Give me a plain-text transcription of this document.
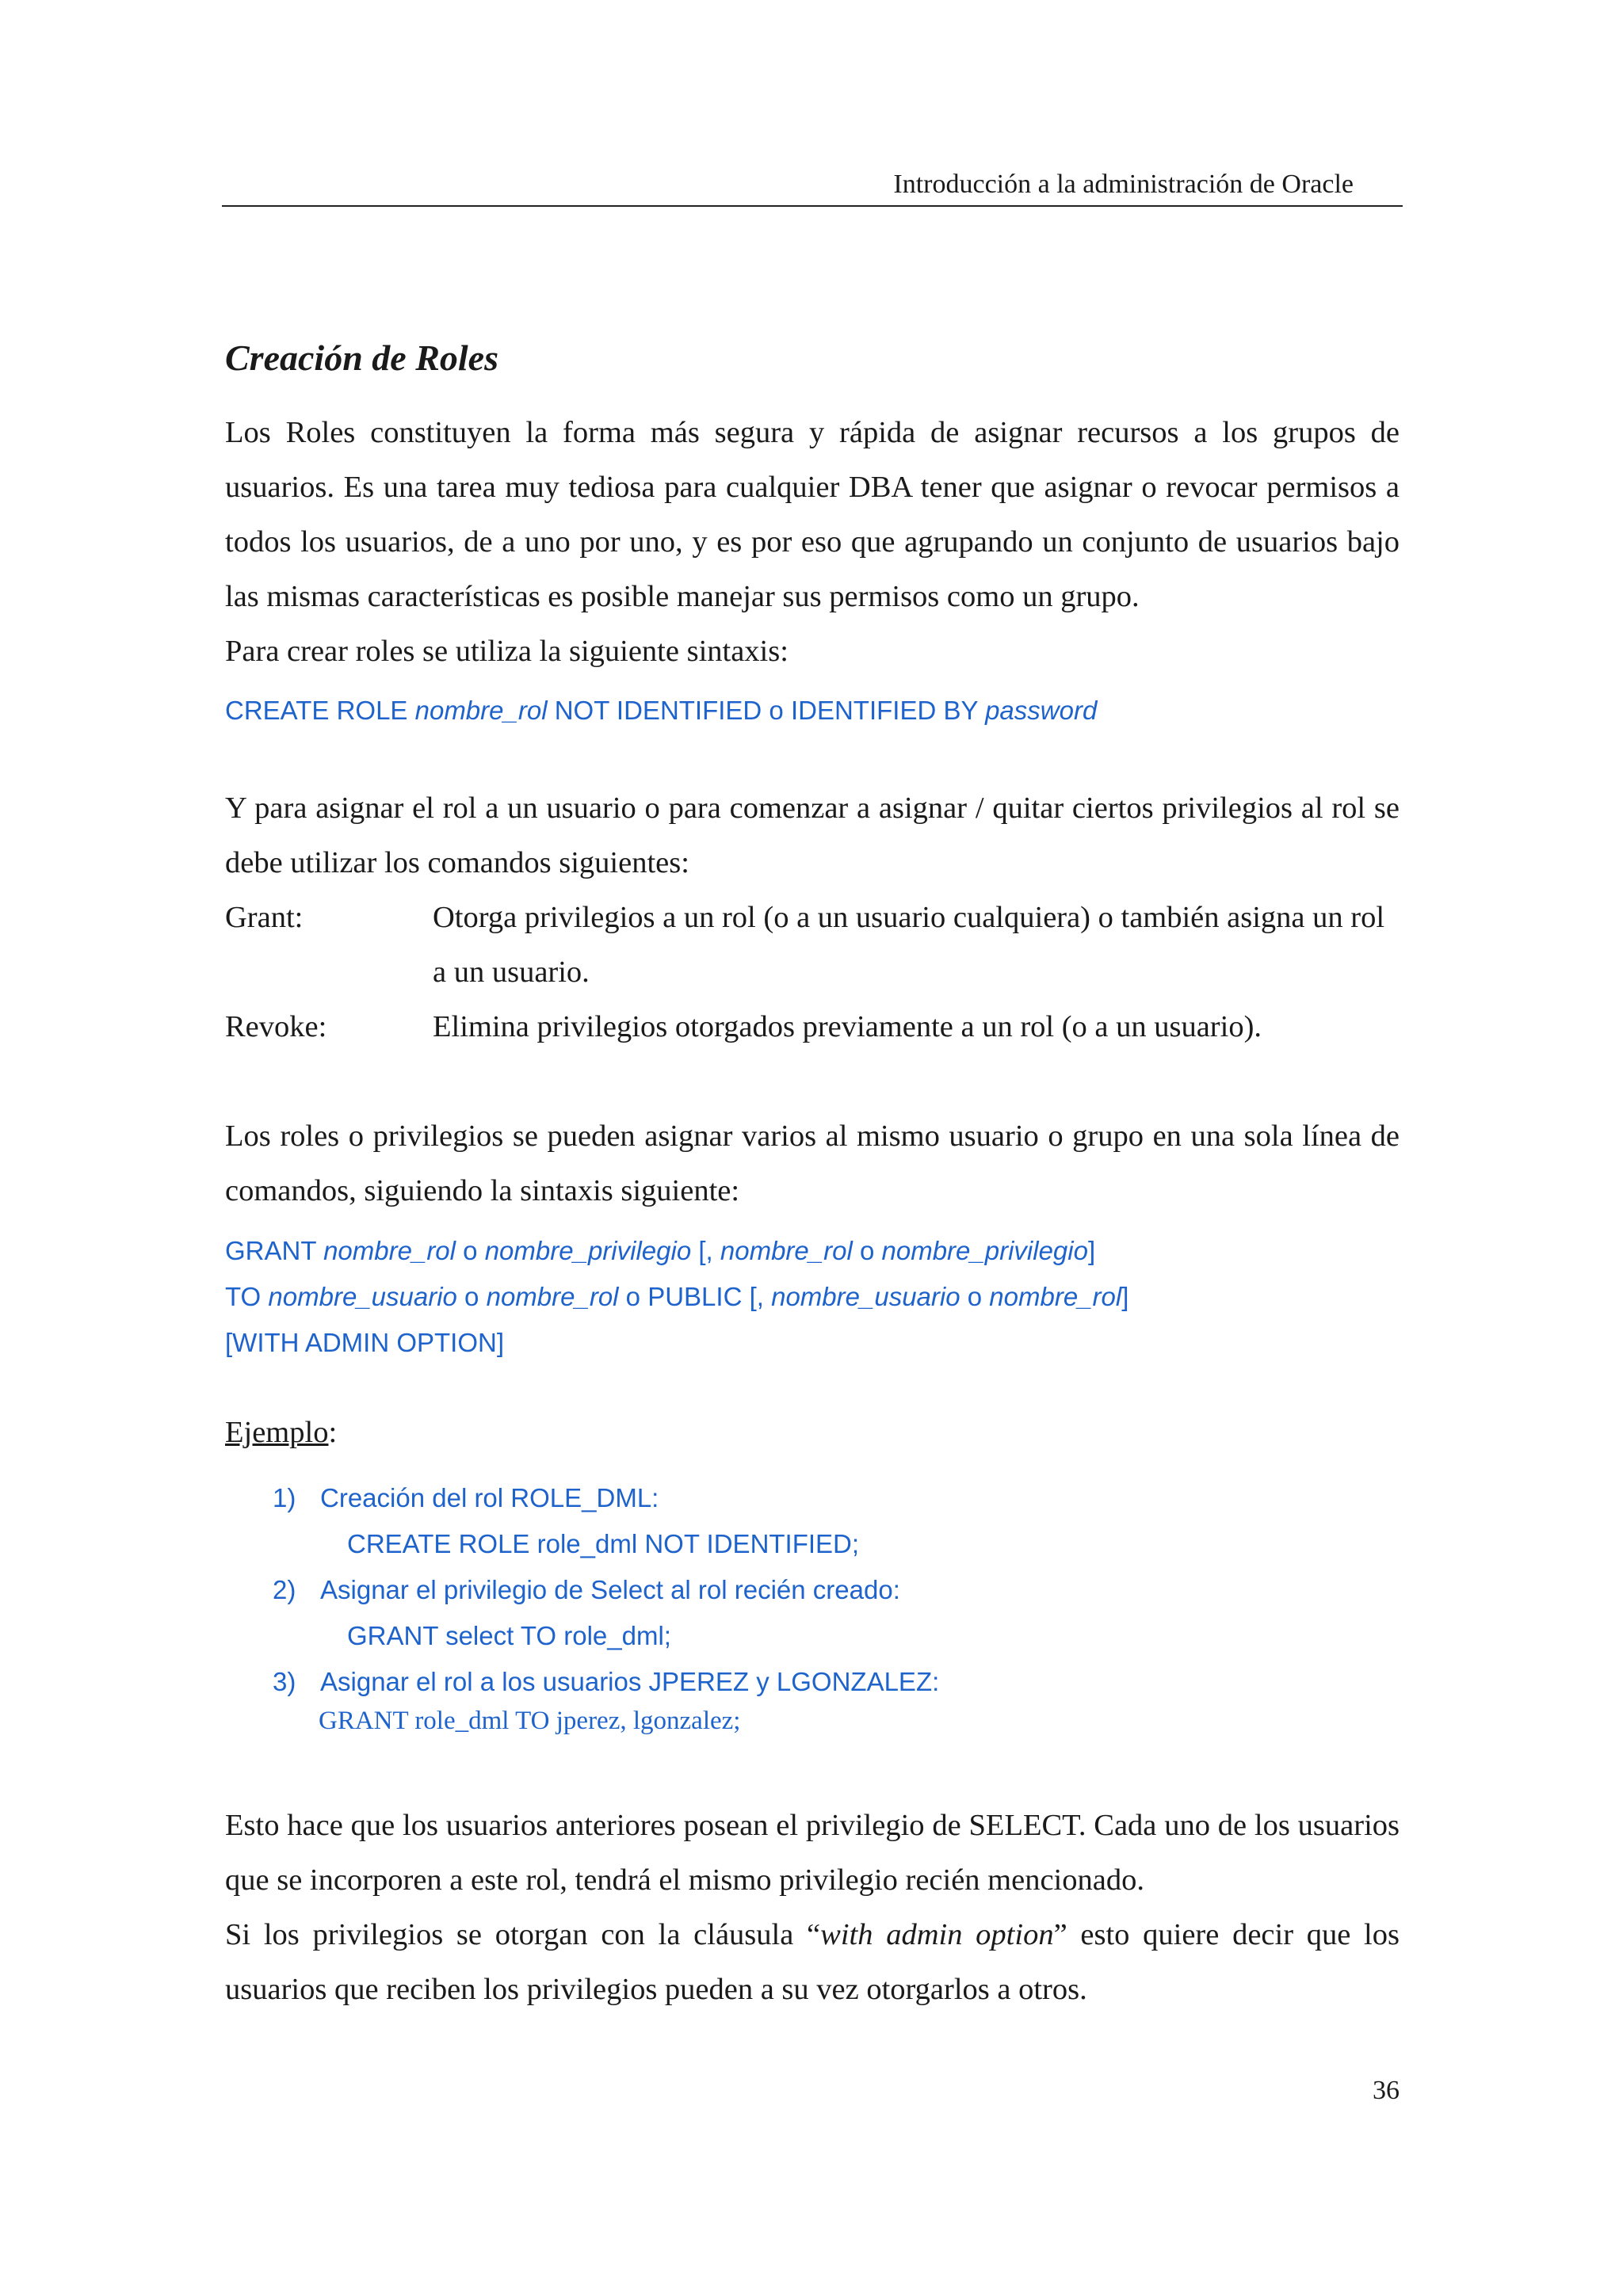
Introducción a la administración de Oracle
Creación de Roles

Los Roles constituyen la forma más segura y rápida de asignar recursos a los grupos de usuarios. Es una tarea muy tediosa para cualquier DBA tener que asignar o revocar permisos a todos los usuarios, de a uno por uno, y es por eso que agrupando un conjunto de usuarios bajo las mismas características es posible manejar sus permisos como un grupo.

Para crear roles se utiliza la siguiente sintaxis:

CREATE ROLE nombre_rol NOT IDENTIFIED o IDENTIFIED BY password
Y para asignar el rol a un usuario o para comenzar a asignar / quitar ciertos privilegios al rol se debe utilizar los comandos siguientes:
Grant:	Otorga privilegios a un rol (o a un usuario cualquiera) o también asigna un rol a un usuario.
Revoke:	Elimina privilegios otorgados previamente a un rol (o a un usuario).
Los roles o privilegios se pueden asignar varios al mismo usuario o grupo en una sola línea de comandos, siguiendo la sintaxis siguiente:
GRANT nombre_rol o nombre_privilegio [, nombre_rol o nombre_privilegio]
TO nombre_usuario o nombre_rol o PUBLIC [, nombre_usuario o nombre_rol]
[WITH ADMIN OPTION]
Ejemplo:
1) Creación del rol ROLE_DML:
CREATE ROLE role_dml NOT IDENTIFIED;
2) Asignar el privilegio de Select al rol recién creado:
GRANT select TO role_dml;
3) Asignar el rol a los usuarios JPEREZ y LGONZALEZ:
GRANT role_dml TO jperez, lgonzalez;

Esto hace que los usuarios anteriores posean el privilegio de SELECT. Cada uno de los usuarios que se incorporen a este rol, tendrá el mismo privilegio recién mencionado.

Si los privilegios se otorgan con la cláusula “with admin option” esto quiere decir que los usuarios que reciben los privilegios pueden a su vez otorgarlos a otros.

36
